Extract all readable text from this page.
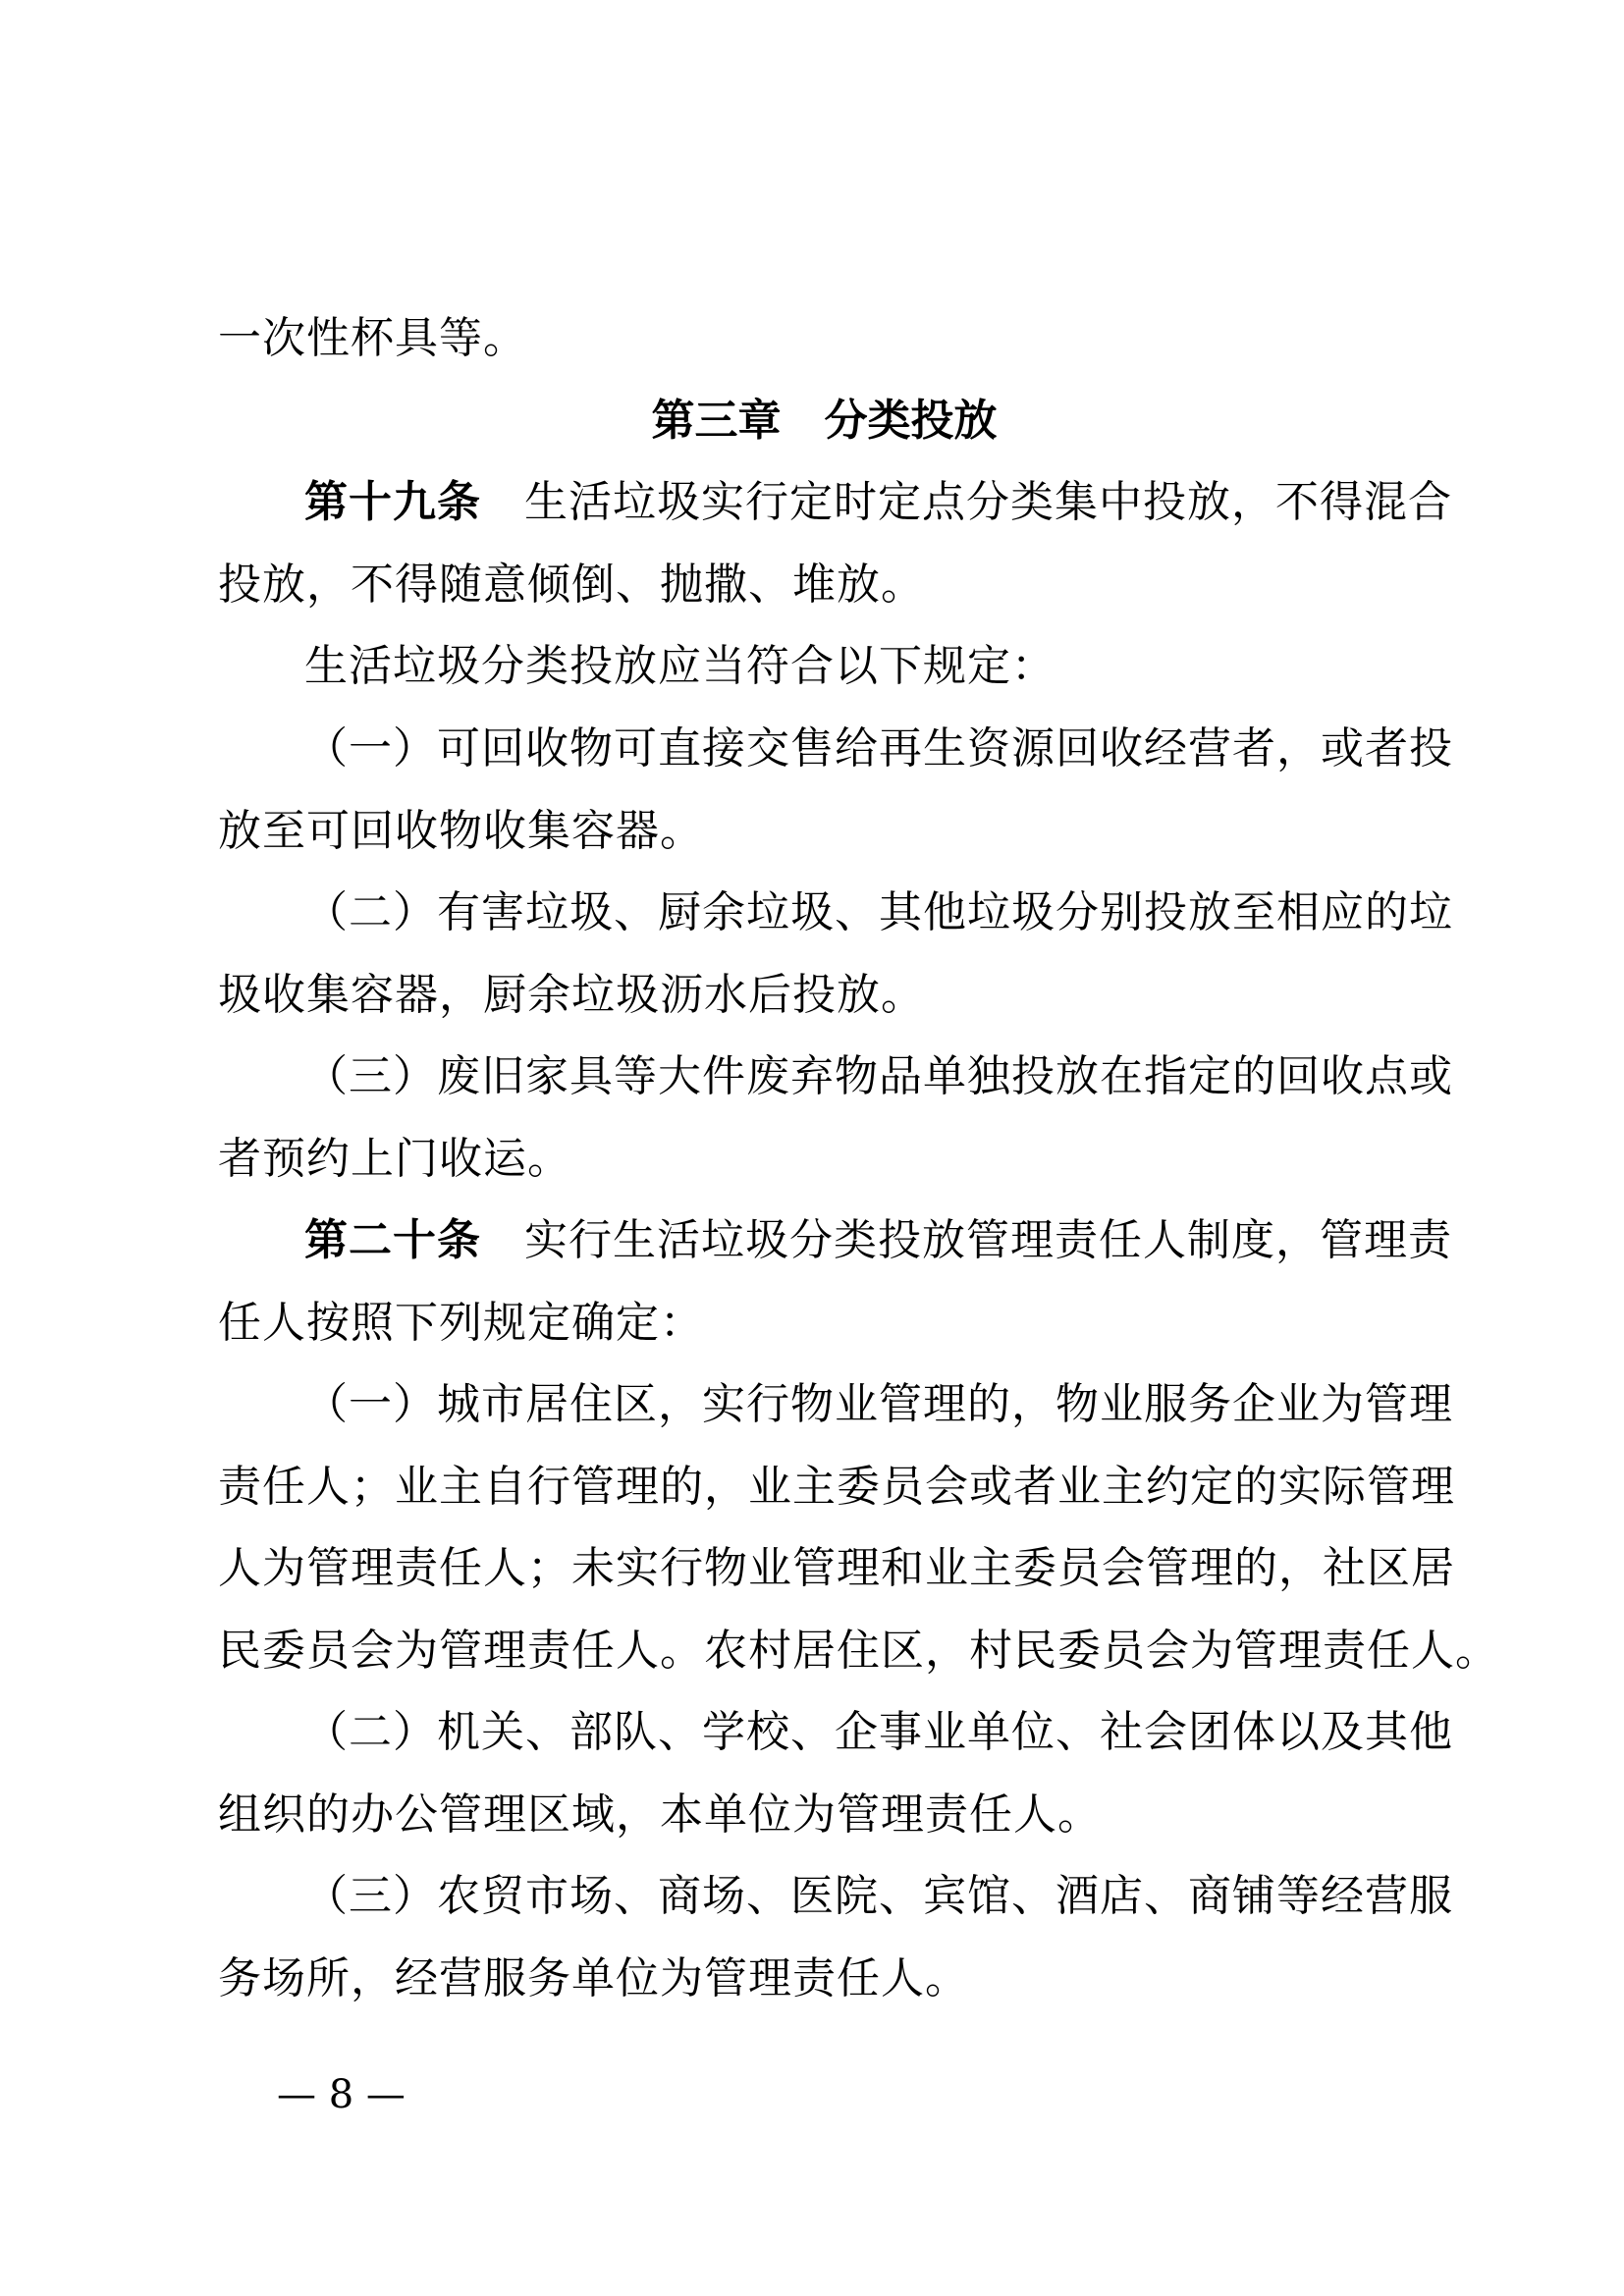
一次性杯具等。
第三章　分类投放
第十九条 生活垃圾实行定时定点分类集中投放，不得混合
投放，不得随意倾倒、抛撒、堆放。
生活垃圾分类投放应当符合以下规定：
（一）可回收物可直接交售给再生资源回收经营者，或者投
放至可回收物收集容器。
（二）有害垃圾、厨余垃圾、其他垃圾分别投放至相应的垃
圾收集容器，厨余垃圾沥水后投放。
（三）废旧家具等大件废弃物品单独投放在指定的回收点或
者预约上门收运。
第二十条 实行生活垃圾分类投放管理责任人制度，管理责
任人按照下列规定确定：
（一）城市居住区，实行物业管理的，物业服务企业为管理
责任人；业主自行管理的，业主委员会或者业主约定的实际管理
人为管理责任人；未实行物业管理和业主委员会管理的，社区居
民委员会为管理责任人。农村居住区，村民委员会为管理责任人。
（二）机关、部队、学校、企事业单位、社会团体以及其他
组织的办公管理区域，本单位为管理责任人。
（三）农贸市场、商场、医院、宾馆、酒店、商铺等经营服
务场所，经营服务单位为管理责任人。
— 8 —
